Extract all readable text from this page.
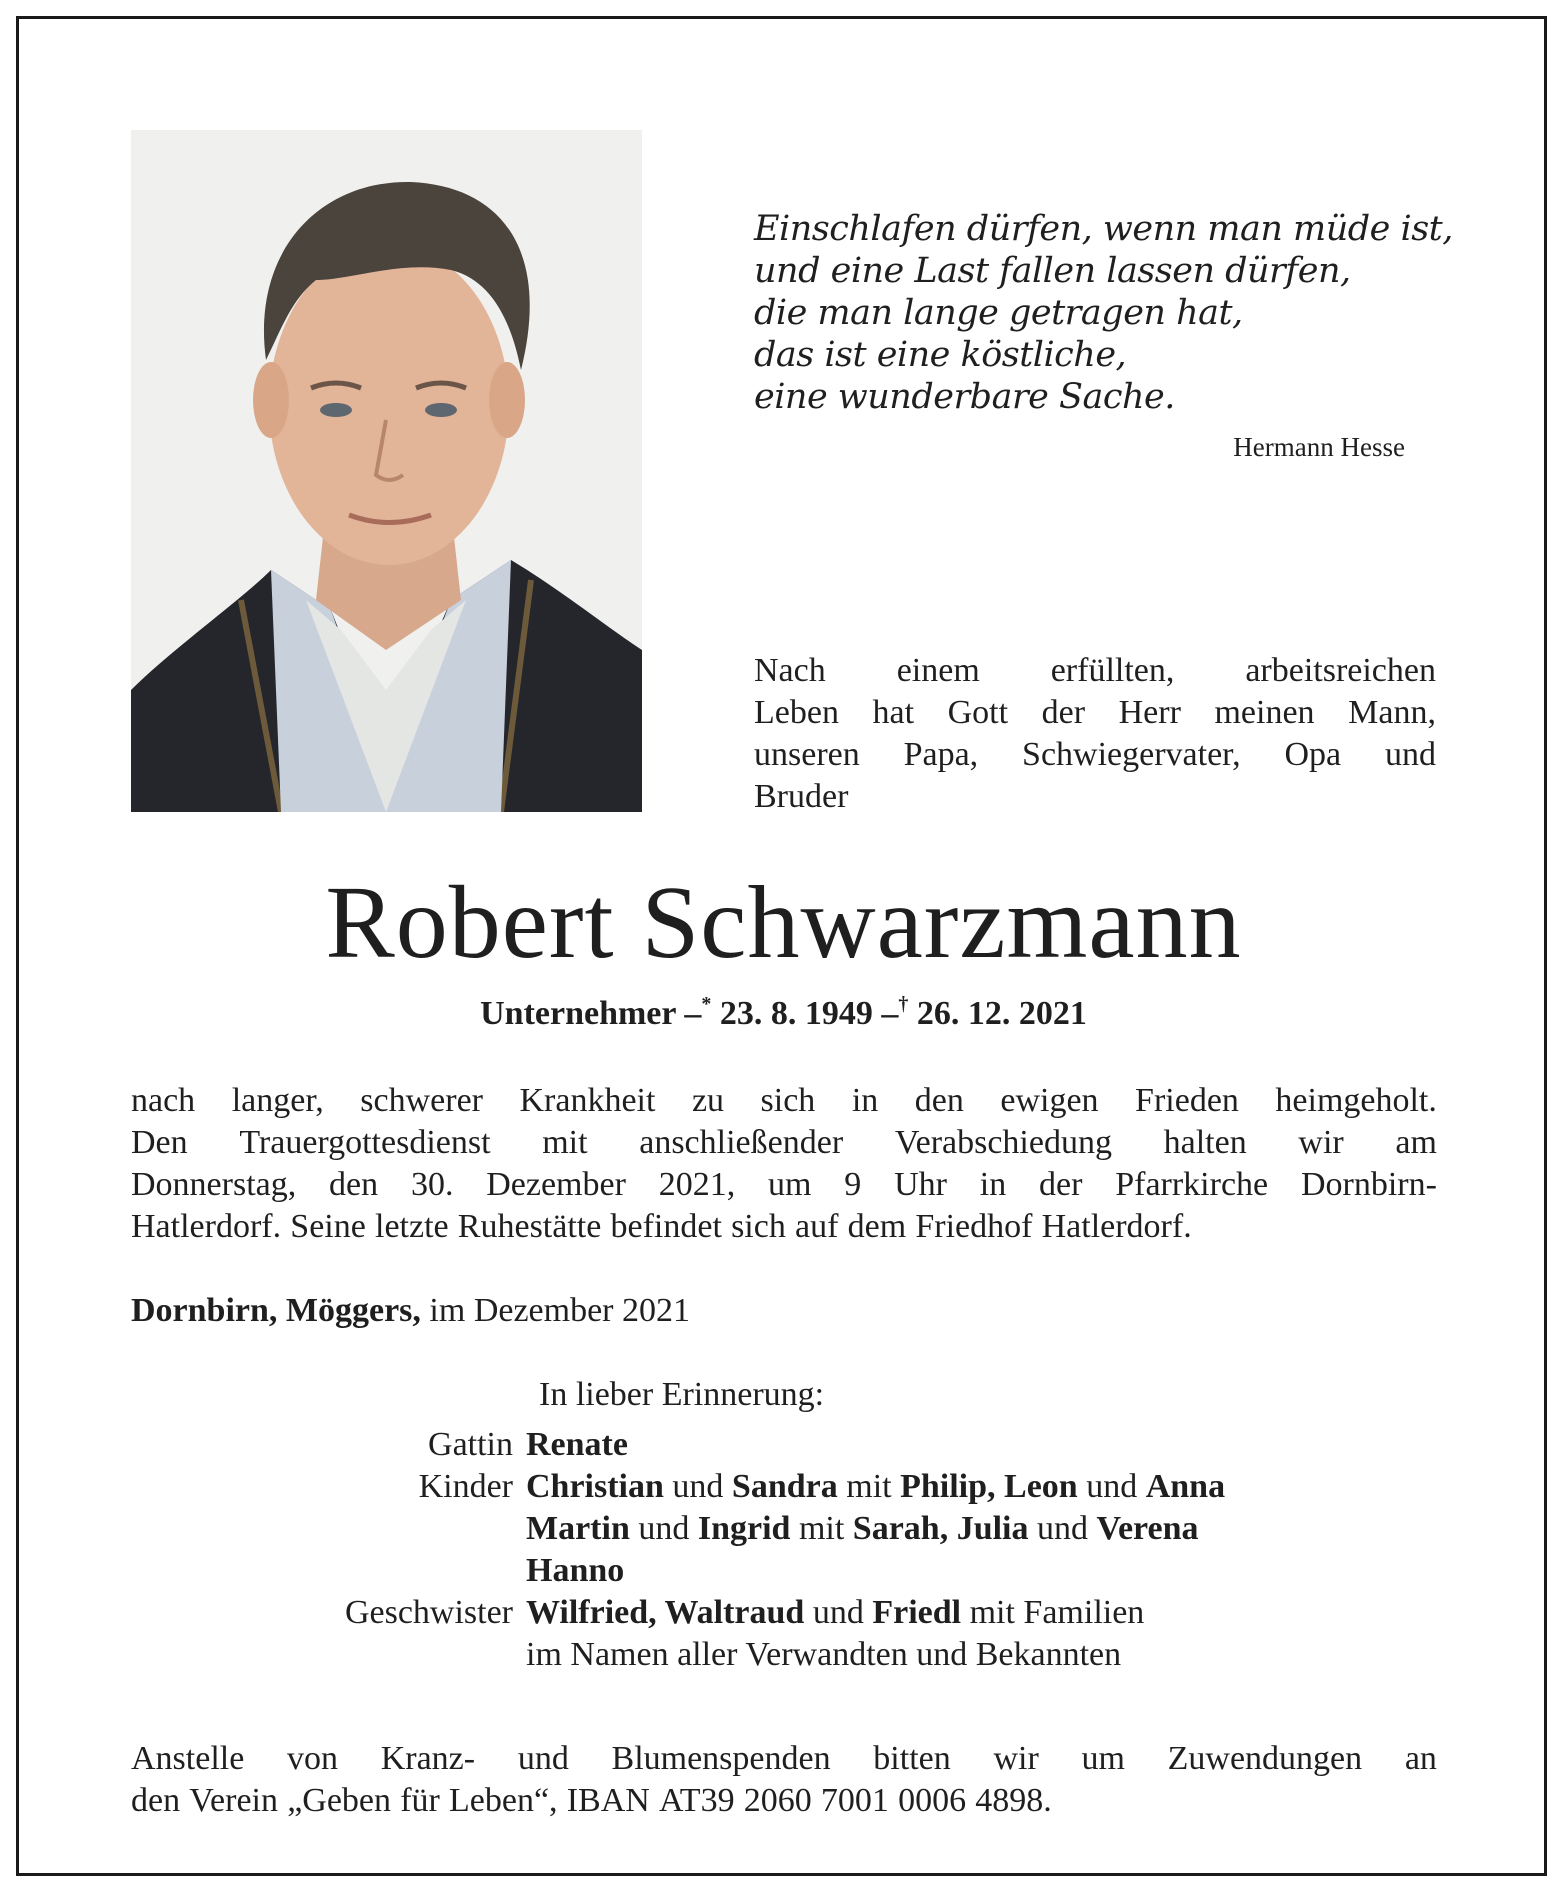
Einschlafen dürfen, wenn man müde ist,
und eine Last fallen lassen dürfen,
die man lange getragen hat,
das ist eine köstliche,
eine wunderbare Sache.
Hermann Hesse
Nach einem erfüllten, arbeitsreichen
Leben hat Gott der Herr meinen Mann,
unseren Papa, Schwiegervater, Opa und
Bruder
Robert Schwarzmann
Unternehmer –* 23. 8. 1949 –† 26. 12. 2021
nach langer, schwerer Krankheit zu sich in den ewigen Frieden heimgeholt.
Den Trauergottesdienst mit anschließender Verabschiedung halten wir am
Donnerstag, den 30. Dezember 2021, um 9 Uhr in der Pfarrkirche Dornbirn-
Hatlerdorf. Seine letzte Ruhestätte befindet sich auf dem Friedhof Hatlerdorf.
Dornbirn, Möggers, im Dezember 2021
In lieber Erinnerung:
Gattin Renate
Kinder Christian und Sandra mit Philip, Leon und Anna
Martin und Ingrid mit Sarah, Julia und Verena
Hanno
Geschwister Wilfried, Waltraud und Friedl mit Familien
im Namen aller Verwandten und Bekannten
Anstelle von Kranz- und Blumenspenden bitten wir um Zuwendungen an
den Verein „Geben für Leben“, IBAN AT39 2060 7001 0006 4898.
